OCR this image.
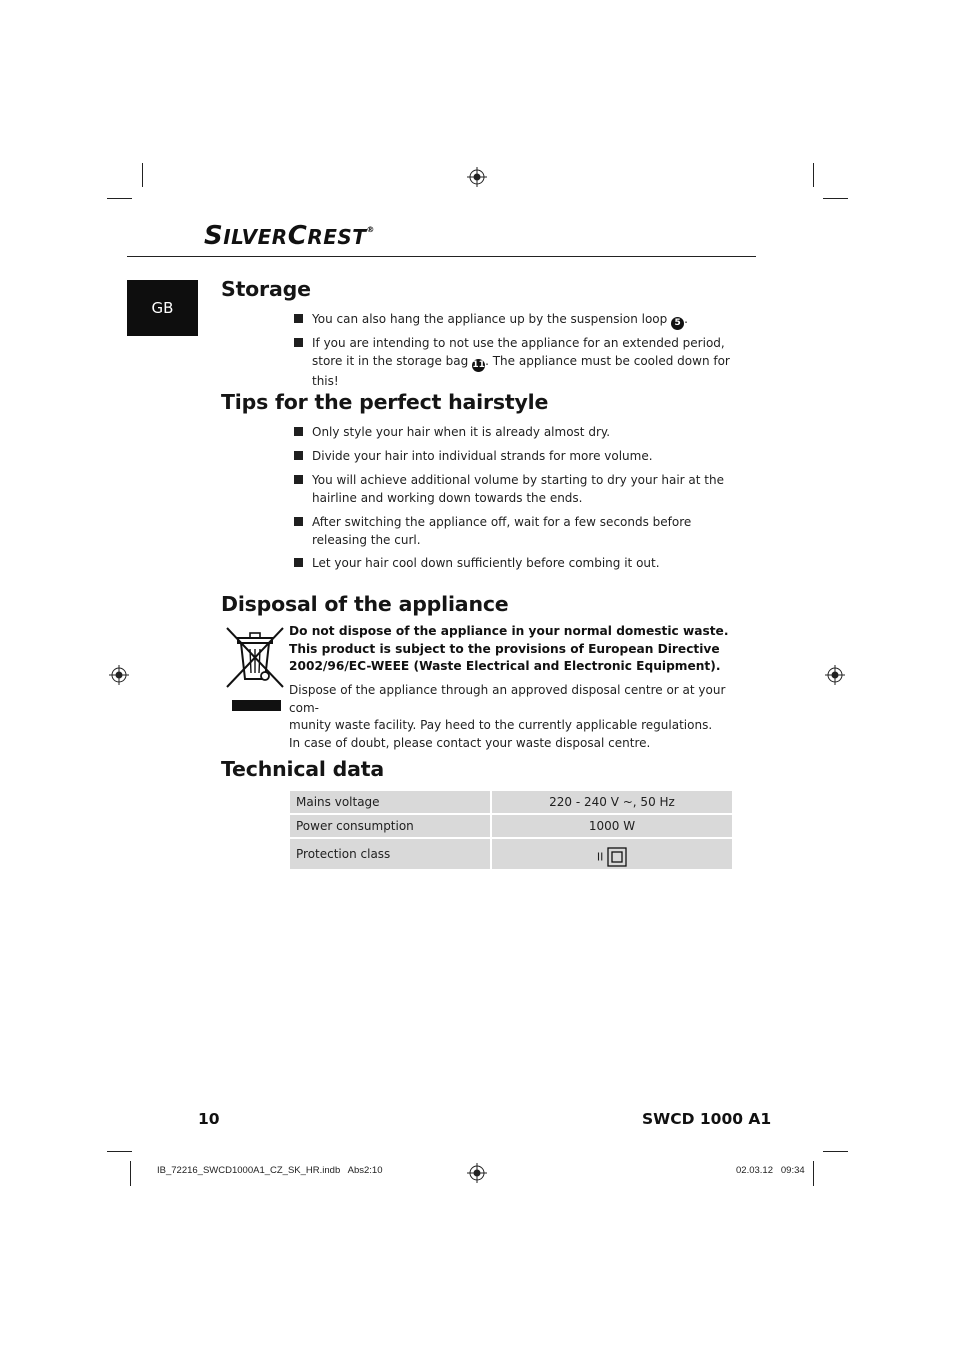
SILVERCREST®
GB
Storage
You can also hang the appliance up by the suspension loop 5 .
If you are intending to not use the appliance for an extended period, store it in the storage bag 11. The appliance must be cooled down for this!
Tips for the perfect hairstyle
Only style your hair when it is already almost dry.
Divide your hair into individual strands for more volume.
You will achieve additional volume by starting to dry your hair at the hairline and working down towards the ends.
After switching the appliance off, wait for a few seconds before releasing the curl.
Let your hair cool down sufficiently before combing it out.
Disposal of the appliance
Do not dispose of the appliance in your normal domestic waste.
This product is subject to the provisions of European Directive
2002/96/EC-WEEE (Waste Electrical and Electronic Equipment).
Dispose of the appliance through an approved disposal centre or at your com-
munity waste facility. Pay heed to the currently applicable regulations.
In case of doubt, please contact your waste disposal centre.
Technical data
Mains voltage	220 - 240 V ~, 50 Hz
Power consumption	1000 W
Protection class	II
10	SWCD 1000 A1
IB_72216_SWCD1000A1_CZ_SK_HR.indb   Abs2:10	02.03.12   09:34
